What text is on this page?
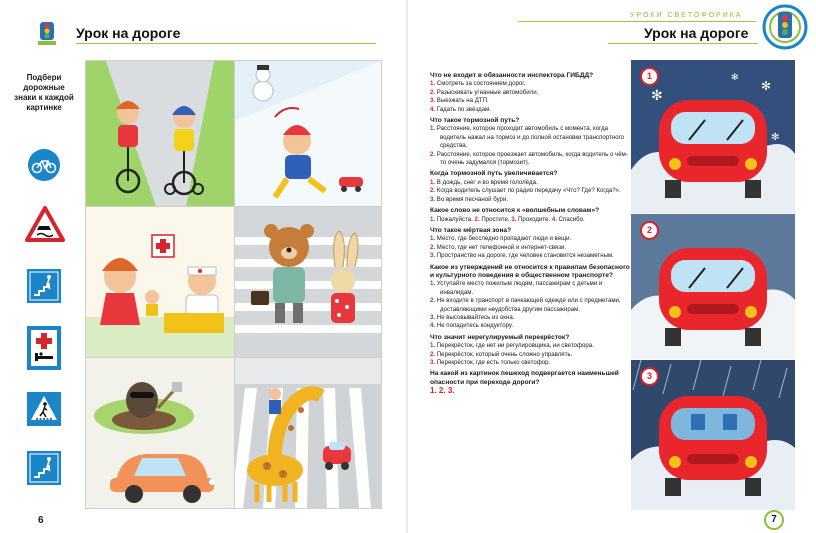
Урок на дороге
Подбери дорожные знаки к каждой картинке
6
УРОКИ СВЕТОФОРИКА
Урок на дороге
7
Что не входит в обязанности инспектора ГИБДД?
1. Смотреть за состоянием дорог.
2. Разыскивать угнанные автомобили.
3. Выезжать на ДТП.
4. Гадать по звёздам.
Что такое тормозной путь?
1. Расстояние, которое проходит автомобиль с момента, когда водитель нажал на тормоз и до полной остановки транспортного средства.
2. Расстояние, которое проезжает автомобиль, когда водитель о чём-то очень задумался (тормозит).
Когда тормозной путь увеличивается?
1. В дождь, снег и во время гололёда.
2. Когда водитель слушает по радио передачу «Что? Где? Когда?».
3. Во время песчаной бури.
Какое слово не относится к «волшебным словам»?
1. Пожалуйста. 2. Простите. 3. Проходите. 4. Спасибо.
Что такое мёртвая зона?
1. Место, где бесследно пропадают люди и вещи.
2. Место, где нет телефонной и интернет-связи.
3. Пространство на дороге, где человек становится незаметным.
Какое из утверждений не относится к правилам безопасного и культурного поведения в общественном транспорте?
1. Уступайте место пожилым людям, пассажирам с детьми и инвалидам.
2. Не входите в транспорт в пачкающей одежде или с предметами, доставляющими неудобства другим пассажирам.
3. Не высовывайтесь из окна.
4. Не попадитесь кондуктору.
Что значит нерегулируемый перекрёсток?
1. Перекрёсток, где нет ни регулировщика, ни светофора.
2. Перекрёсток, который очень сложно управлять.
3. Перекрёсток, где есть только светофор.
На какой из картинок пешеход подвергается наименьшей опасности при переходе дороги?
1. 2. 3.
✻
✻
✻
✻
1
2
3
